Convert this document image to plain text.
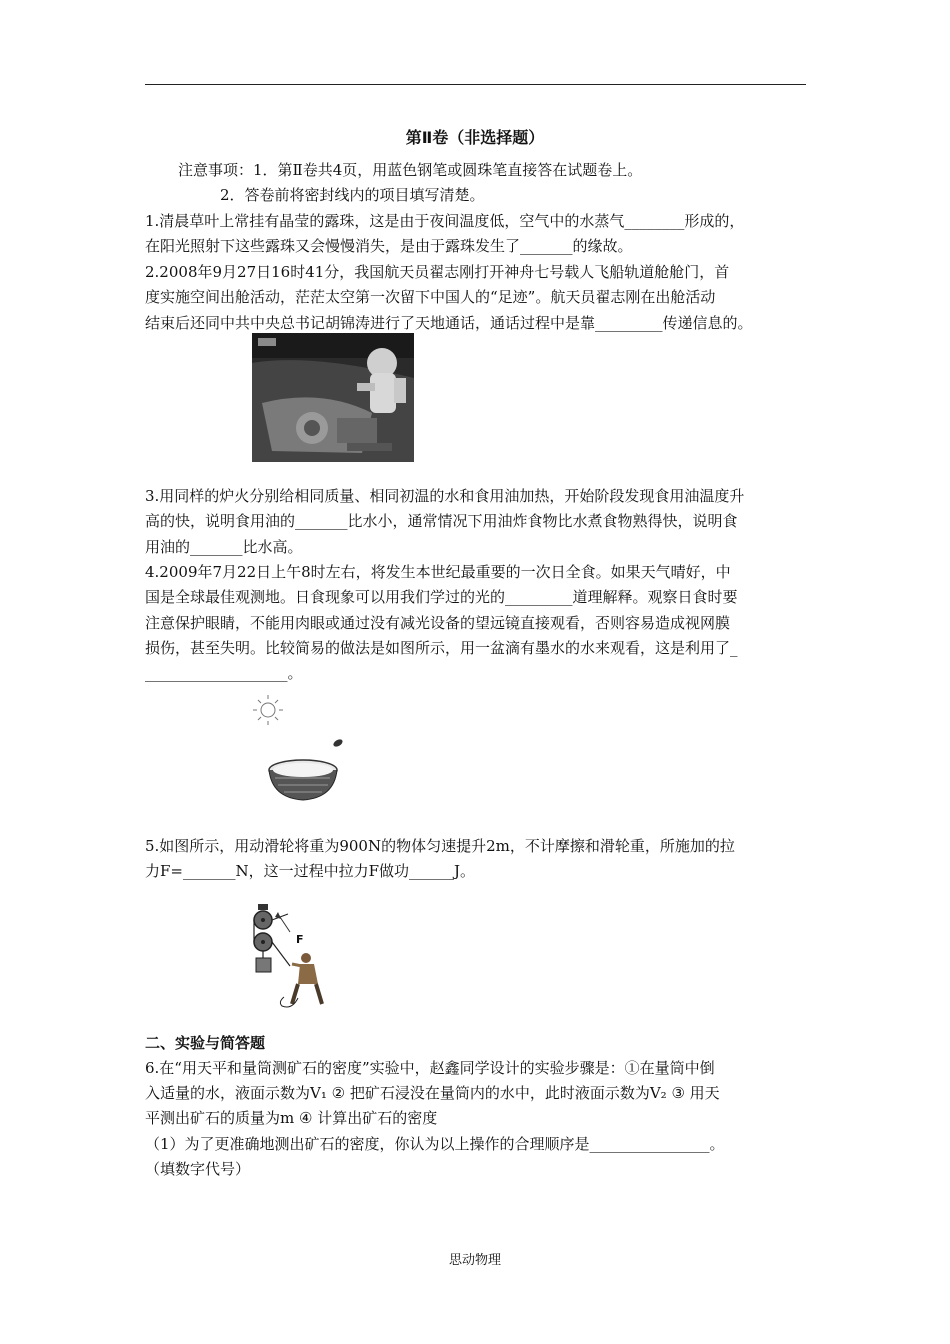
第Ⅱ卷（非选择题）
注意事项：1．第Ⅱ卷共4页，用蓝色钢笔或圆珠笔直接答在试题卷上。
2．答卷前将密封线内的项目填写清楚。
1.清晨草叶上常挂有晶莹的露珠，这是由于夜间温度低，空气中的水蒸气________形成的，
在阳光照射下这些露珠又会慢慢消失，是由于露珠发生了_______的缘故。
2.2008年9月27日16时41分，我国航天员翟志刚打开神舟七号载人飞船轨道舱舱门，首
度实施空间出舱活动，茫茫太空第一次留下中国人的“足迹”。航天员翟志刚在出舱活动
结束后还同中共中央总书记胡锦涛进行了天地通话，通话过程中是靠_________传递信息的。
3.用同样的炉火分别给相同质量、相同初温的水和食用油加热，开始阶段发现食用油温度升
高的快，说明食用油的_______比水小，通常情况下用油炸食物比水煮食物熟得快，说明食
用油的_______比水高。
4.2009年7月22日上午8时左右，将发生本世纪最重要的一次日全食。如果天气晴好，中
国是全球最佳观测地。日食现象可以用我们学过的光的_________道理解释。观察日食时要
注意保护眼睛，不能用肉眼或通过没有减光设备的望远镜直接观看，否则容易造成视网膜
损伤，甚至失明。比较简易的做法是如图所示，用一盆滴有墨水的水来观看，这是利用了_
___________________。
5.如图所示，用动滑轮将重为900N的物体匀速提升2m，不计摩擦和滑轮重，所施加的拉
力F=_______N，这一过程中拉力F做功______J。
F
二、实验与简答题
6.在“用天平和量筒测矿石的密度”实验中，赵鑫同学设计的实验步骤是：①在量筒中倒
入适量的水，液面示数为V₁ ② 把矿石浸没在量筒内的水中，此时液面示数为V₂ ③ 用天
平测出矿石的质量为m ④ 计算出矿石的密度
（1）为了更准确地测出矿石的密度，你认为以上操作的合理顺序是________________。
（填数字代号）
思动物理
